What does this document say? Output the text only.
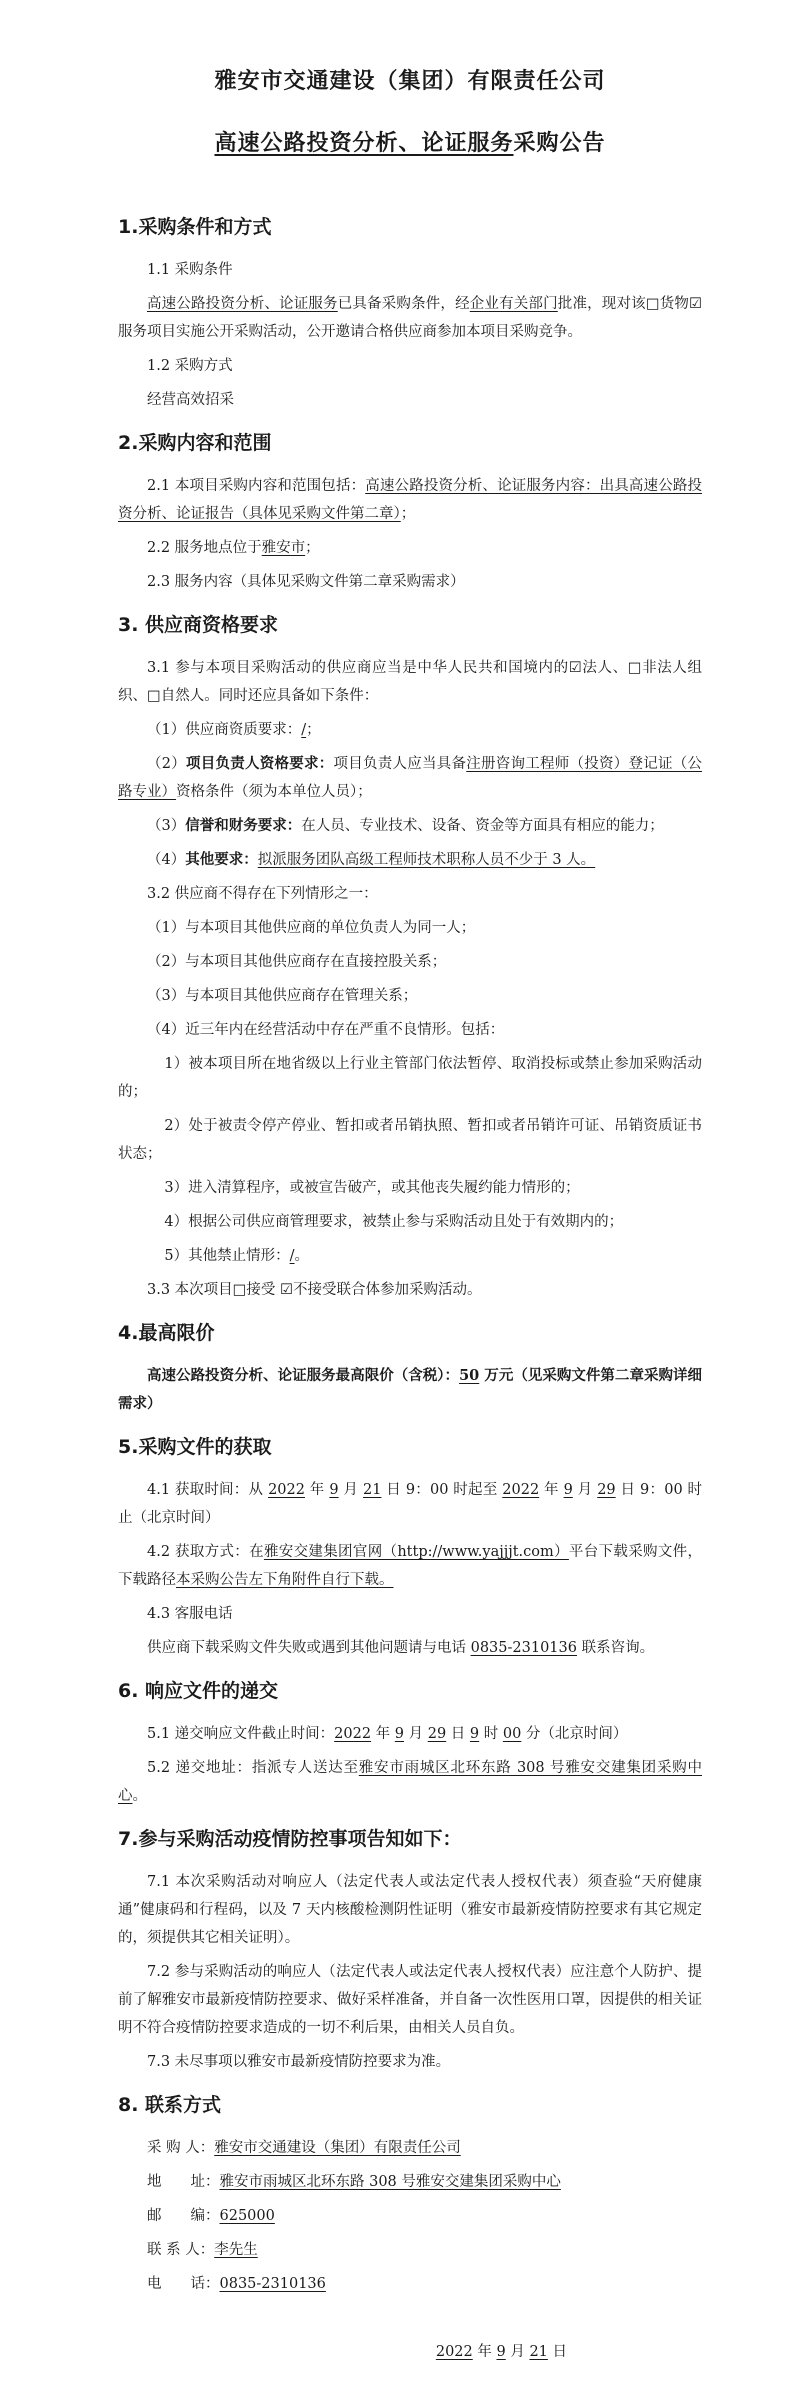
雅安市交通建设（集团）有限责任公司
高速公路投资分析、论证服务采购公告
1.采购条件和方式
1.1 采购条件
高速公路投资分析、论证服务已具备采购条件，经企业有关部门批准，现对该□货物☑服务项目实施公开采购活动，公开邀请合格供应商参加本项目采购竞争。
1.2 采购方式
经营高效招采
2.采购内容和范围
2.1 本项目采购内容和范围包括：高速公路投资分析、论证服务内容：出具高速公路投资分析、论证报告（具体见采购文件第二章）；
2.2 服务地点位于雅安市；
2.3 服务内容（具体见采购文件第二章采购需求）
3. 供应商资格要求
3.1 参与本项目采购活动的供应商应当是中华人民共和国境内的☑法人、□非法人组织、□自然人。同时还应具备如下条件：
（1）供应商资质要求：/；
（2）项目负责人资格要求：项目负责人应当具备注册咨询工程师（投资）登记证（公路专业）资格条件（须为本单位人员）；
（3）信誉和财务要求：在人员、专业技术、设备、资金等方面具有相应的能力；
（4）其他要求：拟派服务团队高级工程师技术职称人员不少于 3 人。
3.2 供应商不得存在下列情形之一：
（1）与本项目其他供应商的单位负责人为同一人；
（2）与本项目其他供应商存在直接控股关系；
（3）与本项目其他供应商存在管理关系；
（4）近三年内在经营活动中存在严重不良情形。包括：
1）被本项目所在地省级以上行业主管部门依法暂停、取消投标或禁止参加采购活动的；
2）处于被责令停产停业、暂扣或者吊销执照、暂扣或者吊销许可证、吊销资质证书状态；
3）进入清算程序，或被宣告破产，或其他丧失履约能力情形的；
4）根据公司供应商管理要求，被禁止参与采购活动且处于有效期内的；
5）其他禁止情形：/。
3.3 本次项目□接受 ☑不接受联合体参加采购活动。
4.最高限价
高速公路投资分析、论证服务最高限价（含税）：50 万元（见采购文件第二章采购详细需求）
5.采购文件的获取
4.1 获取时间：从 2022 年 9 月 21 日 9：00 时起至 2022 年 9 月 29 日 9：00 时止（北京时间）
4.2 获取方式：在雅安交建集团官网（http://www.yajjjt.com）平台下载采购文件，下载路径本采购公告左下角附件自行下载。
4.3 客服电话
供应商下载采购文件失败或遇到其他问题请与电话 0835-2310136 联系咨询。
6. 响应文件的递交
5.1 递交响应文件截止时间：2022 年 9 月 29 日 9 时 00 分（北京时间）
5.2 递交地址：指派专人送达至雅安市雨城区北环东路 308 号雅安交建集团采购中心。
7.参与采购活动疫情防控事项告知如下：
7.1 本次采购活动对响应人（法定代表人或法定代表人授权代表）须查验“天府健康通”健康码和行程码，以及 7 天内核酸检测阴性证明（雅安市最新疫情防控要求有其它规定的，须提供其它相关证明）。
7.2 参与采购活动的响应人（法定代表人或法定代表人授权代表）应注意个人防护、提前了解雅安市最新疫情防控要求、做好采样准备，并自备一次性医用口罩，因提供的相关证明不符合疫情防控要求造成的一切不利后果，由相关人员自负。
7.3 未尽事项以雅安市最新疫情防控要求为准。
8. 联系方式
采 购 人：雅安市交通建设（集团）有限责任公司
地　　址：雅安市雨城区北环东路 308 号雅安交建集团采购中心
邮　　编：625000
联 系 人：李先生
电　　话：0835-2310136
2022 年 9 月 21 日
